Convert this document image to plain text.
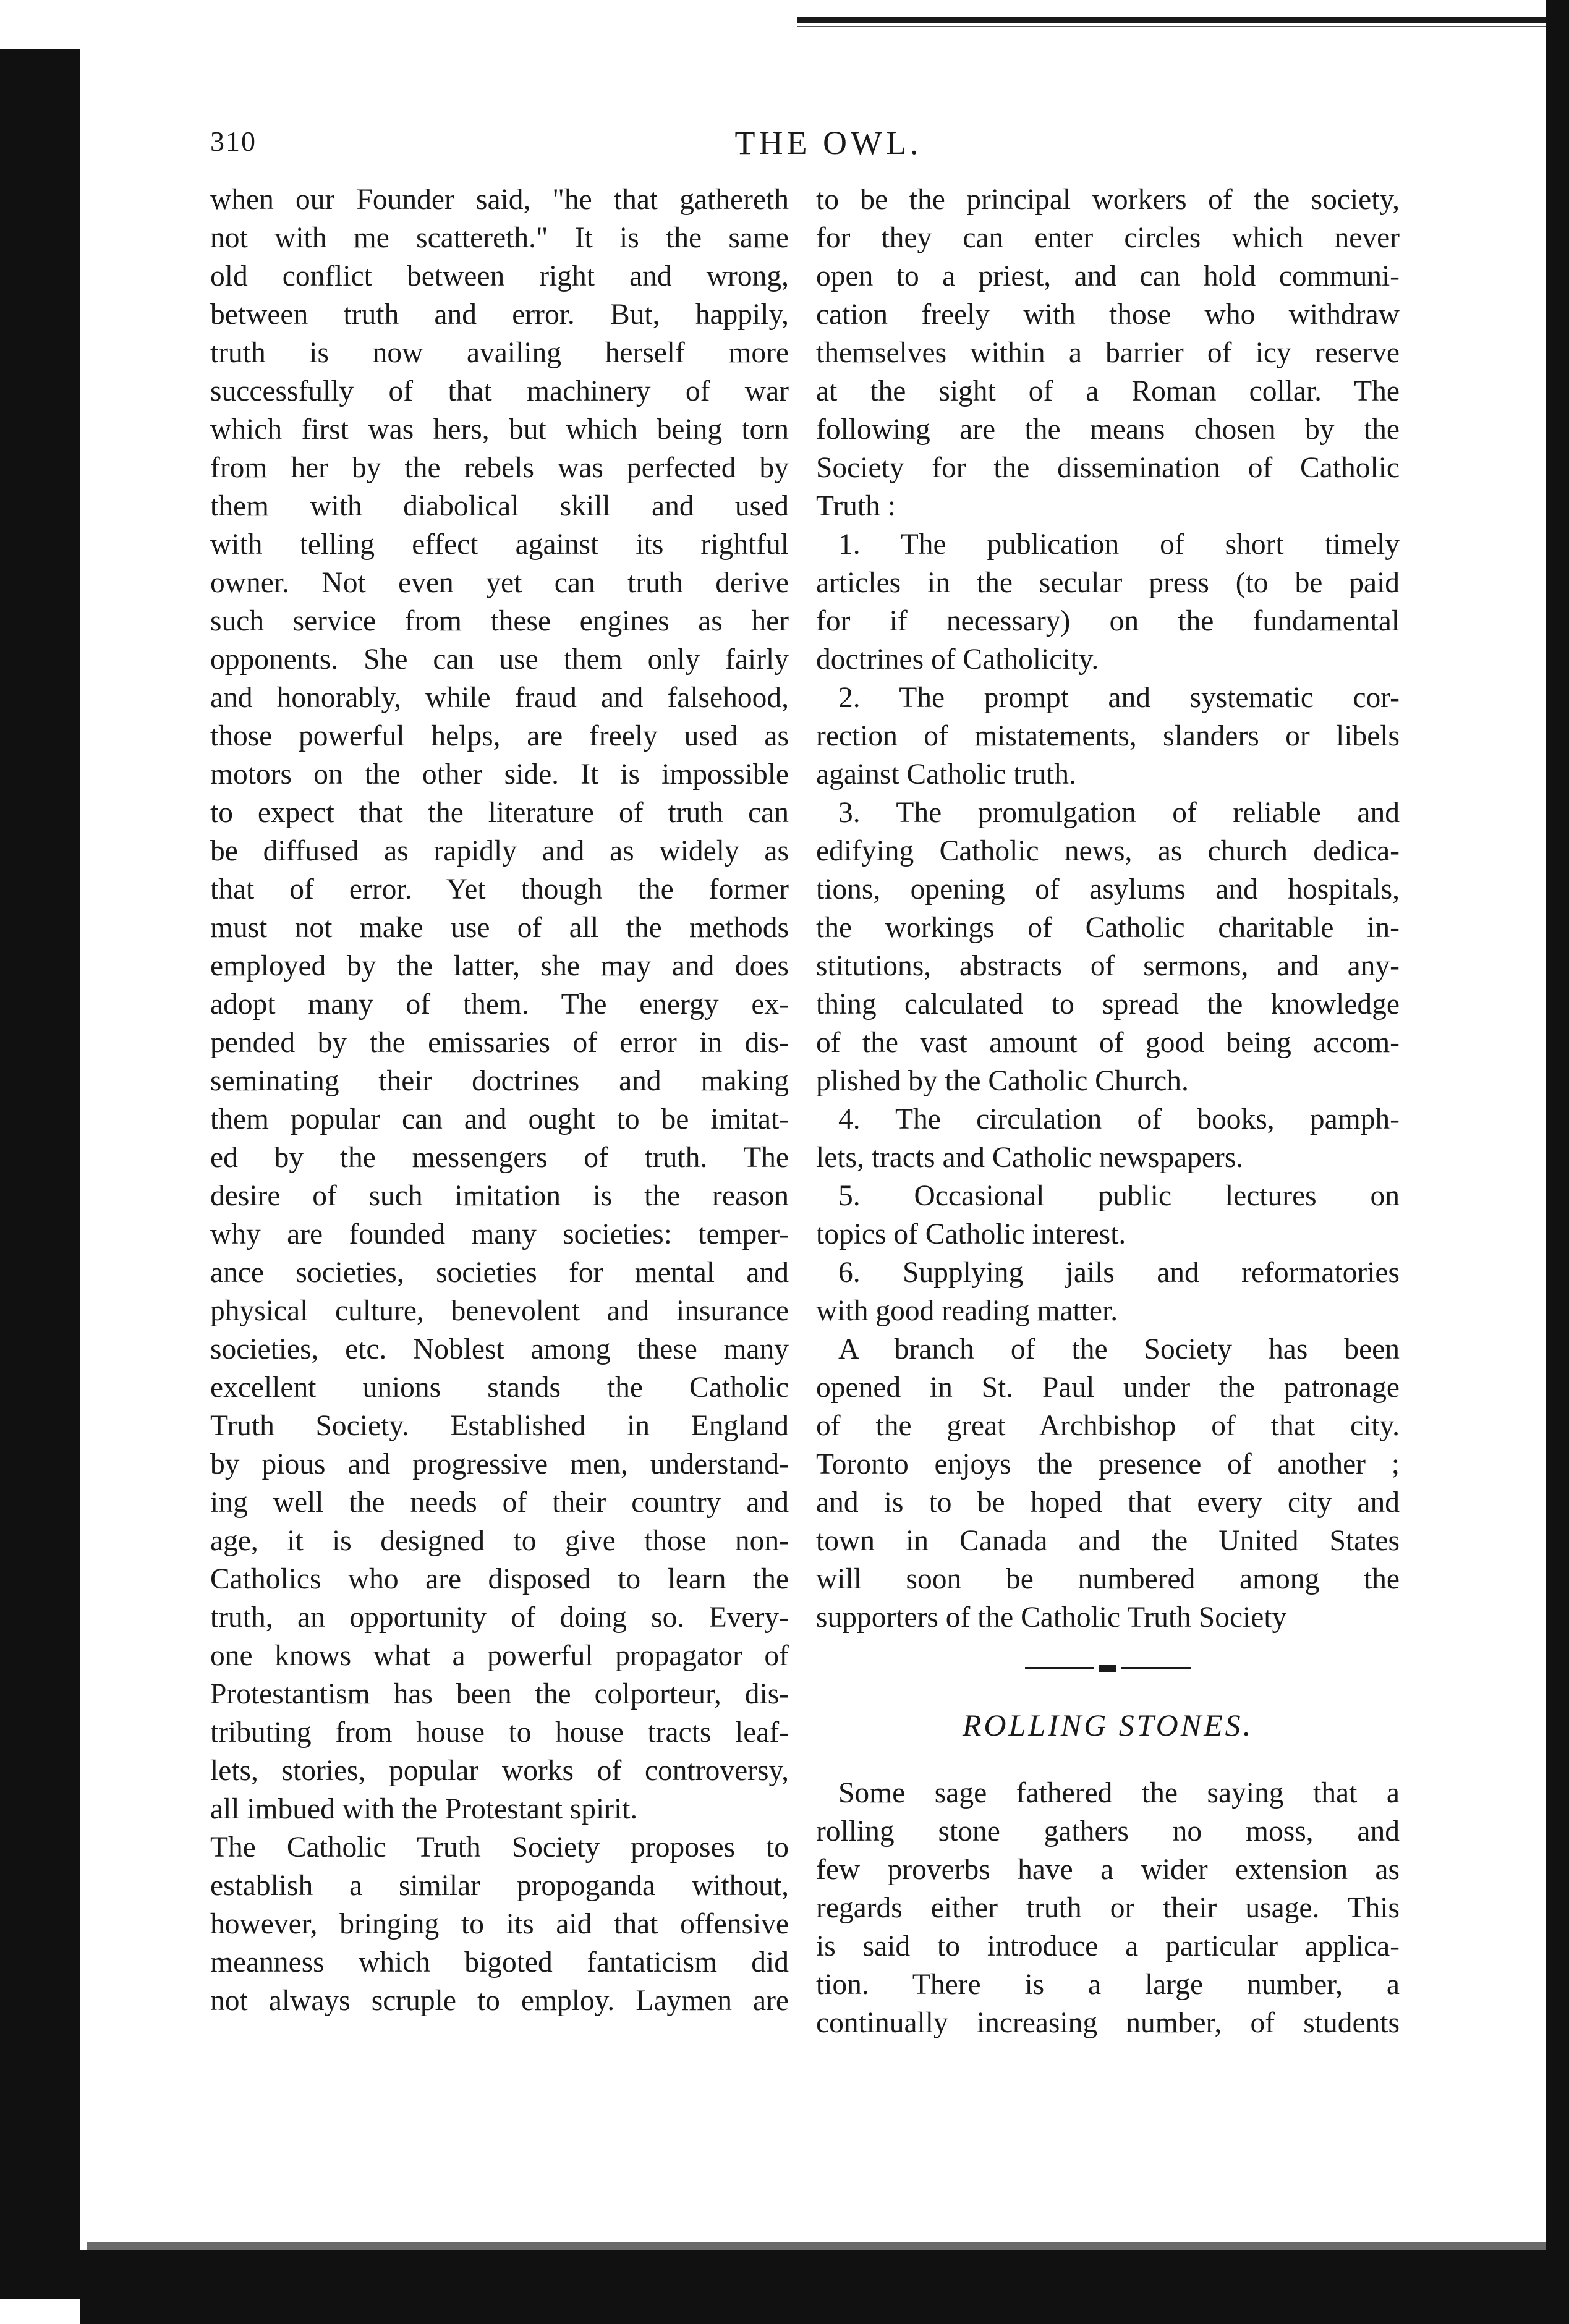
310	THE OWL.
when our Founder said, "he that gathereth
not with me scattereth." It is the same
old conflict between right and wrong,
between truth and error. But, happily,
truth is now availing herself more
successfully of that machinery of war
which first was hers, but which being torn
from her by the rebels was perfected by
them with diabolical skill and used
with telling effect against its rightful
owner. Not even yet can truth derive
such service from these engines as her
opponents. She can use them only fairly
and honorably, while fraud and falsehood,
those powerful helps, are freely used as
motors on the other side. It is impossible
to expect that the literature of truth can
be diffused as rapidly and as widely as
that of error. Yet though the former
must not make use of all the methods
employed by the latter, she may and does
adopt many of them. The energy ex-
pended by the emissaries of error in dis-
seminating their doctrines and making
them popular can and ought to be imitat-
ed by the messengers of truth. The
desire of such imitation is the reason
why are founded many societies: temper-
ance societies, societies for mental and
physical culture, benevolent and insurance
societies, etc. Noblest among these many
excellent unions stands the Catholic
Truth Society. Established in England
by pious and progressive men, understand-
ing well the needs of their country and
age, it is designed to give those non-
Catholics who are disposed to learn the
truth, an opportunity of doing so. Every-
one knows what a powerful propagator of
Protestantism has been the colporteur, dis-
tributing from house to house tracts leaf-
lets, stories, popular works of controversy,
all imbued with the Protestant spirit.
The Catholic Truth Society proposes to
establish a similar propoganda without,
however, bringing to its aid that offensive
meanness which bigoted fantaticism did
not always scruple to employ. Laymen are
to be the principal workers of the society,
for they can enter circles which never
open to a priest, and can hold communi-
cation freely with those who withdraw
themselves within a barrier of icy reserve
at the sight of a Roman collar. The
following are the means chosen by the
Society for the dissemination of Catholic
Truth :
1. The publication of short timely
articles in the secular press (to be paid
for if necessary) on the fundamental
doctrines of Catholicity.
2. The prompt and systematic cor-
rection of mistatements, slanders or libels
against Catholic truth.
3. The promulgation of reliable and
edifying Catholic news, as church dedica-
tions, opening of asylums and hospitals,
the workings of Catholic charitable in-
stitutions, abstracts of sermons, and any-
thing calculated to spread the knowledge
of the vast amount of good being accom-
plished by the Catholic Church.
4. The circulation of books, pamph-
lets, tracts and Catholic newspapers.
5. Occasional public lectures on
topics of Catholic interest.
6. Supplying jails and reformatories
with good reading matter.
A branch of the Society has been
opened in St. Paul under the patronage
of the great Archbishop of that city.
Toronto enjoys the presence of another ;
and is to be hoped that every city and
town in Canada and the United States
will soon be numbered among the
supporters of the Catholic Truth Society
ROLLING STONES.
Some sage fathered the saying that a
rolling stone gathers no moss, and
few proverbs have a wider extension as
regards either truth or their usage. This
is said to introduce a particular applica-
tion. There is a large number, a
continually increasing number, of students
